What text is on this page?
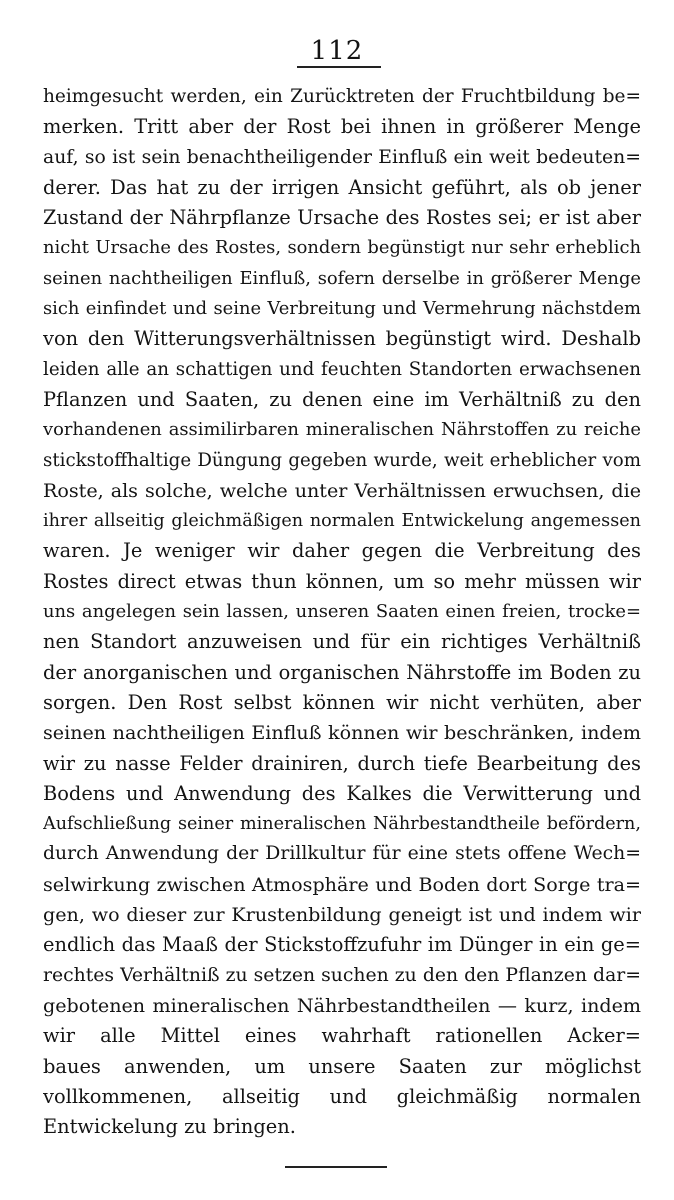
112
heimgesucht werden, ein Zurücktreten der Fruchtbildung be=
merken. Tritt aber der Rost bei ihnen in größerer Menge
auf, so ist sein benachtheiligender Einfluß ein weit bedeuten=
derer. Das hat zu der irrigen Ansicht geführt, als ob jener
Zustand der Nährpflanze Ursache des Rostes sei; er ist aber
nicht Ursache des Rostes, sondern begünstigt nur sehr erheblich
seinen nachtheiligen Einfluß, sofern derselbe in größerer Menge
sich einfindet und seine Verbreitung und Vermehrung nächstdem
von den Witterungsverhältnissen begünstigt wird. Deshalb
leiden alle an schattigen und feuchten Standorten erwachsenen
Pflanzen und Saaten, zu denen eine im Verhältniß zu den
vorhandenen assimilirbaren mineralischen Nährstoffen zu reiche
stickstoffhaltige Düngung gegeben wurde, weit erheblicher vom
Roste, als solche, welche unter Verhältnissen erwuchsen, die
ihrer allseitig gleichmäßigen normalen Entwickelung angemessen
waren. Je weniger wir daher gegen die Verbreitung des
Rostes direct etwas thun können, um so mehr müssen wir
uns angelegen sein lassen, unseren Saaten einen freien, trocke=
nen Standort anzuweisen und für ein richtiges Verhältniß
der anorganischen und organischen Nährstoffe im Boden zu
sorgen. Den Rost selbst können wir nicht verhüten, aber
seinen nachtheiligen Einfluß können wir beschränken, indem
wir zu nasse Felder drainiren, durch tiefe Bearbeitung des
Bodens und Anwendung des Kalkes die Verwitterung und
Aufschließung seiner mineralischen Nährbestandtheile befördern,
durch Anwendung der Drillkultur für eine stets offene Wech=
selwirkung zwischen Atmosphäre und Boden dort Sorge tra=
gen, wo dieser zur Krustenbildung geneigt ist und indem wir
endlich das Maaß der Stickstoffzufuhr im Dünger in ein ge=
rechtes Verhältniß zu setzen suchen zu den den Pflanzen dar=
gebotenen mineralischen Nährbestandtheilen — kurz, indem
wir alle Mittel eines wahrhaft rationellen Acker=
baues anwenden, um unsere Saaten zur möglichst
vollkommenen, allseitig und gleichmäßig normalen
Entwickelung zu bringen.
